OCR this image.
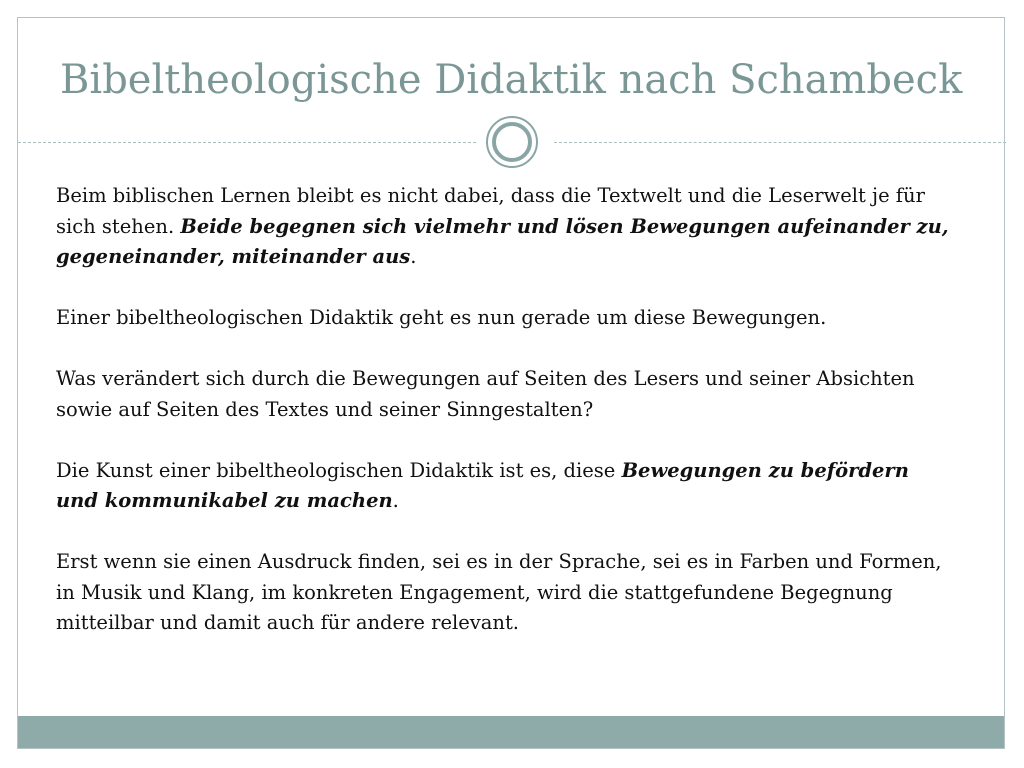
Bibeltheologische Didaktik nach Schambeck

Beim biblischen Lernen bleibt es nicht dabei, dass die Textwelt und die Leserwelt je für sich stehen. Beide begegnen sich vielmehr und lösen Bewegungen aufeinander zu, gegeneinander, miteinander aus.

Einer bibeltheologischen Didaktik geht es nun gerade um diese Bewegungen.

Was verändert sich durch die Bewegungen auf Seiten des Lesers und seiner Absichten sowie auf Seiten des Textes und seiner Sinngestalten?

Die Kunst einer bibeltheologischen Didaktik ist es, diese Bewegungen zu befördern und kommunikabel zu machen.

Erst wenn sie einen Ausdruck finden, sei es in der Sprache, sei es in Farben und Formen, in Musik und Klang, im konkreten Engagement, wird die stattgefundene Begegnung mitteilbar und damit auch für andere relevant.
